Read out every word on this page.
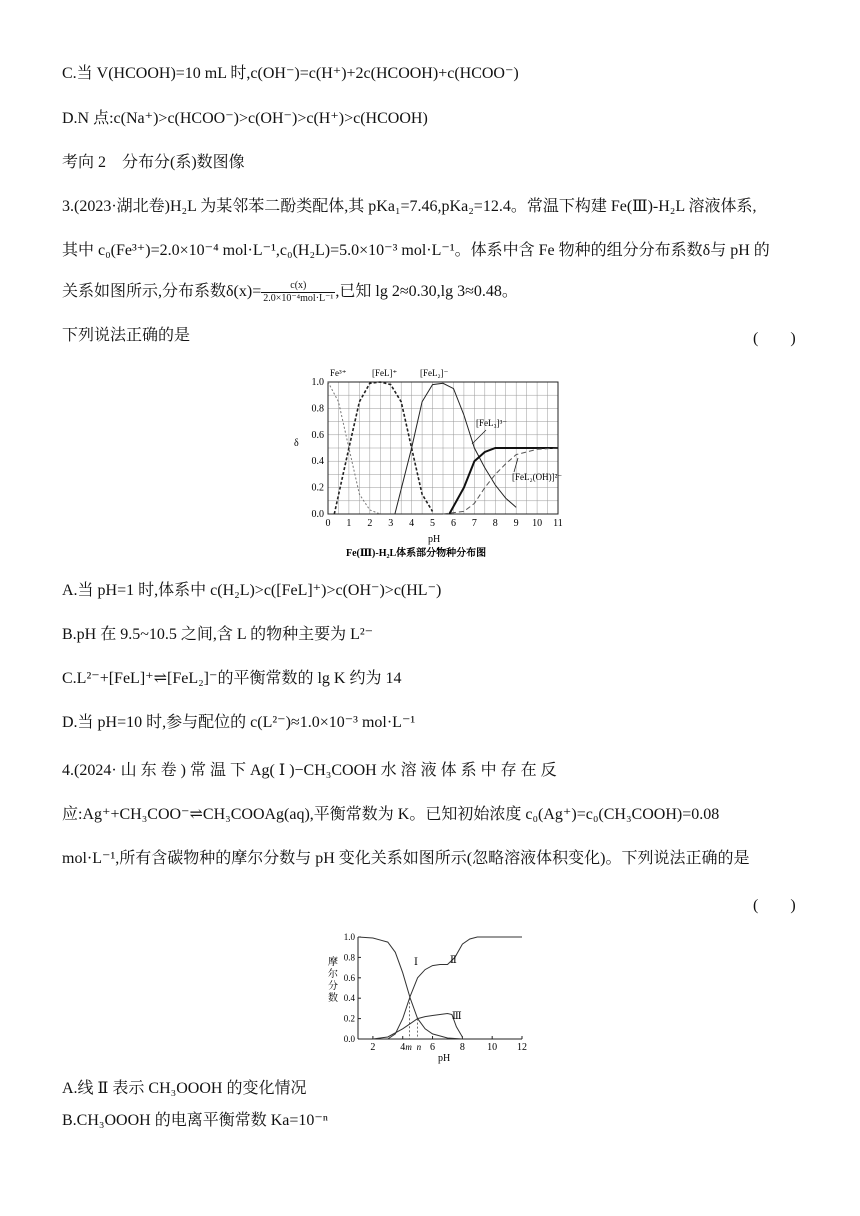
C.当 V(HCOOH)=10 mL 时,c(OH⁻)=c(H⁺)+2c(HCOOH)+c(HCOO⁻)
D.N 点:c(Na⁺)>c(HCOO⁻)>c(OH⁻)>c(H⁺)>c(HCOOH)
考向 2　分布分(系)数图像
3.(2023·湖北卷)H₂L 为某邻苯二酚类配体,其 pKa₁=7.46,pKa₂=12.4。常温下构建 Fe(Ⅲ)-H₂L 溶液体系,
其中 c₀(Fe³⁺)=2.0×10⁻⁴ mol·L⁻¹,c₀(H₂L)=5.0×10⁻³ mol·L⁻¹。体系中含 Fe 物种的组分分布系数δ与 pH 的
关系如图所示,分布系数$\delta(x)= \frac{c(x)}{\text{2.0×10⁻⁴mol·L⁻¹}}$ ,已知 lg 2≈0.30,lg 3≈0.48。
下列说法正确的是	(　　)
0 1 2 3 4 5 6 7 8 9 10 11
0.0
0.2
0.4
0.6
0.8
1.0
Fe³⁺	[FeL]⁺	[FeL₂]⁻
[FeL₃]³⁻
[FeL₂(OH)]²⁻
δ
pH
Fe(Ⅲ)-H₂L体系部分物种分布图
A.当 pH=1 时,体系中 c(H₂L)>c([FeL]⁺)>c(OH⁻)>c(HL⁻)
B.pH 在 9.5~10.5 之间,含 L 的物种主要为 L²⁻
C.L²⁻+[FeL]⁺⇌[FeL₂]⁻的平衡常数的 lg K 约为 14
D.当 pH=10 时,参与配位的 c(L²⁻)≈1.0×10⁻³ mol·L⁻¹
4.(2024· 山 东 卷 ) 常 温 下 Ag( Ⅰ )−CH₃COOH 水 溶 液 体 系 中 存 在 反
应:Ag⁺+CH₃COO⁻⇌CH₃COOAg(aq),平衡常数为 K。已知初始浓度 c₀(Ag⁺)=c₀(CH₃COOH)=0.08
mol·L⁻¹,所有含碳物种的摩尔分数与 pH 变化关系如图所示(忽略溶液体积变化)。下列说法正确的是
(　　)
2 4 6 8 10 12
0.0
0.2
0.4
0.6
0.8
1.0
Ⅰ	Ⅱ
Ⅲ
m n
摩
尔
分
数
pH
A.线 Ⅱ 表示 CH₃OOOH 的变化情况
B.CH₃OOOH 的电离平衡常数 Ka=10⁻ⁿ
